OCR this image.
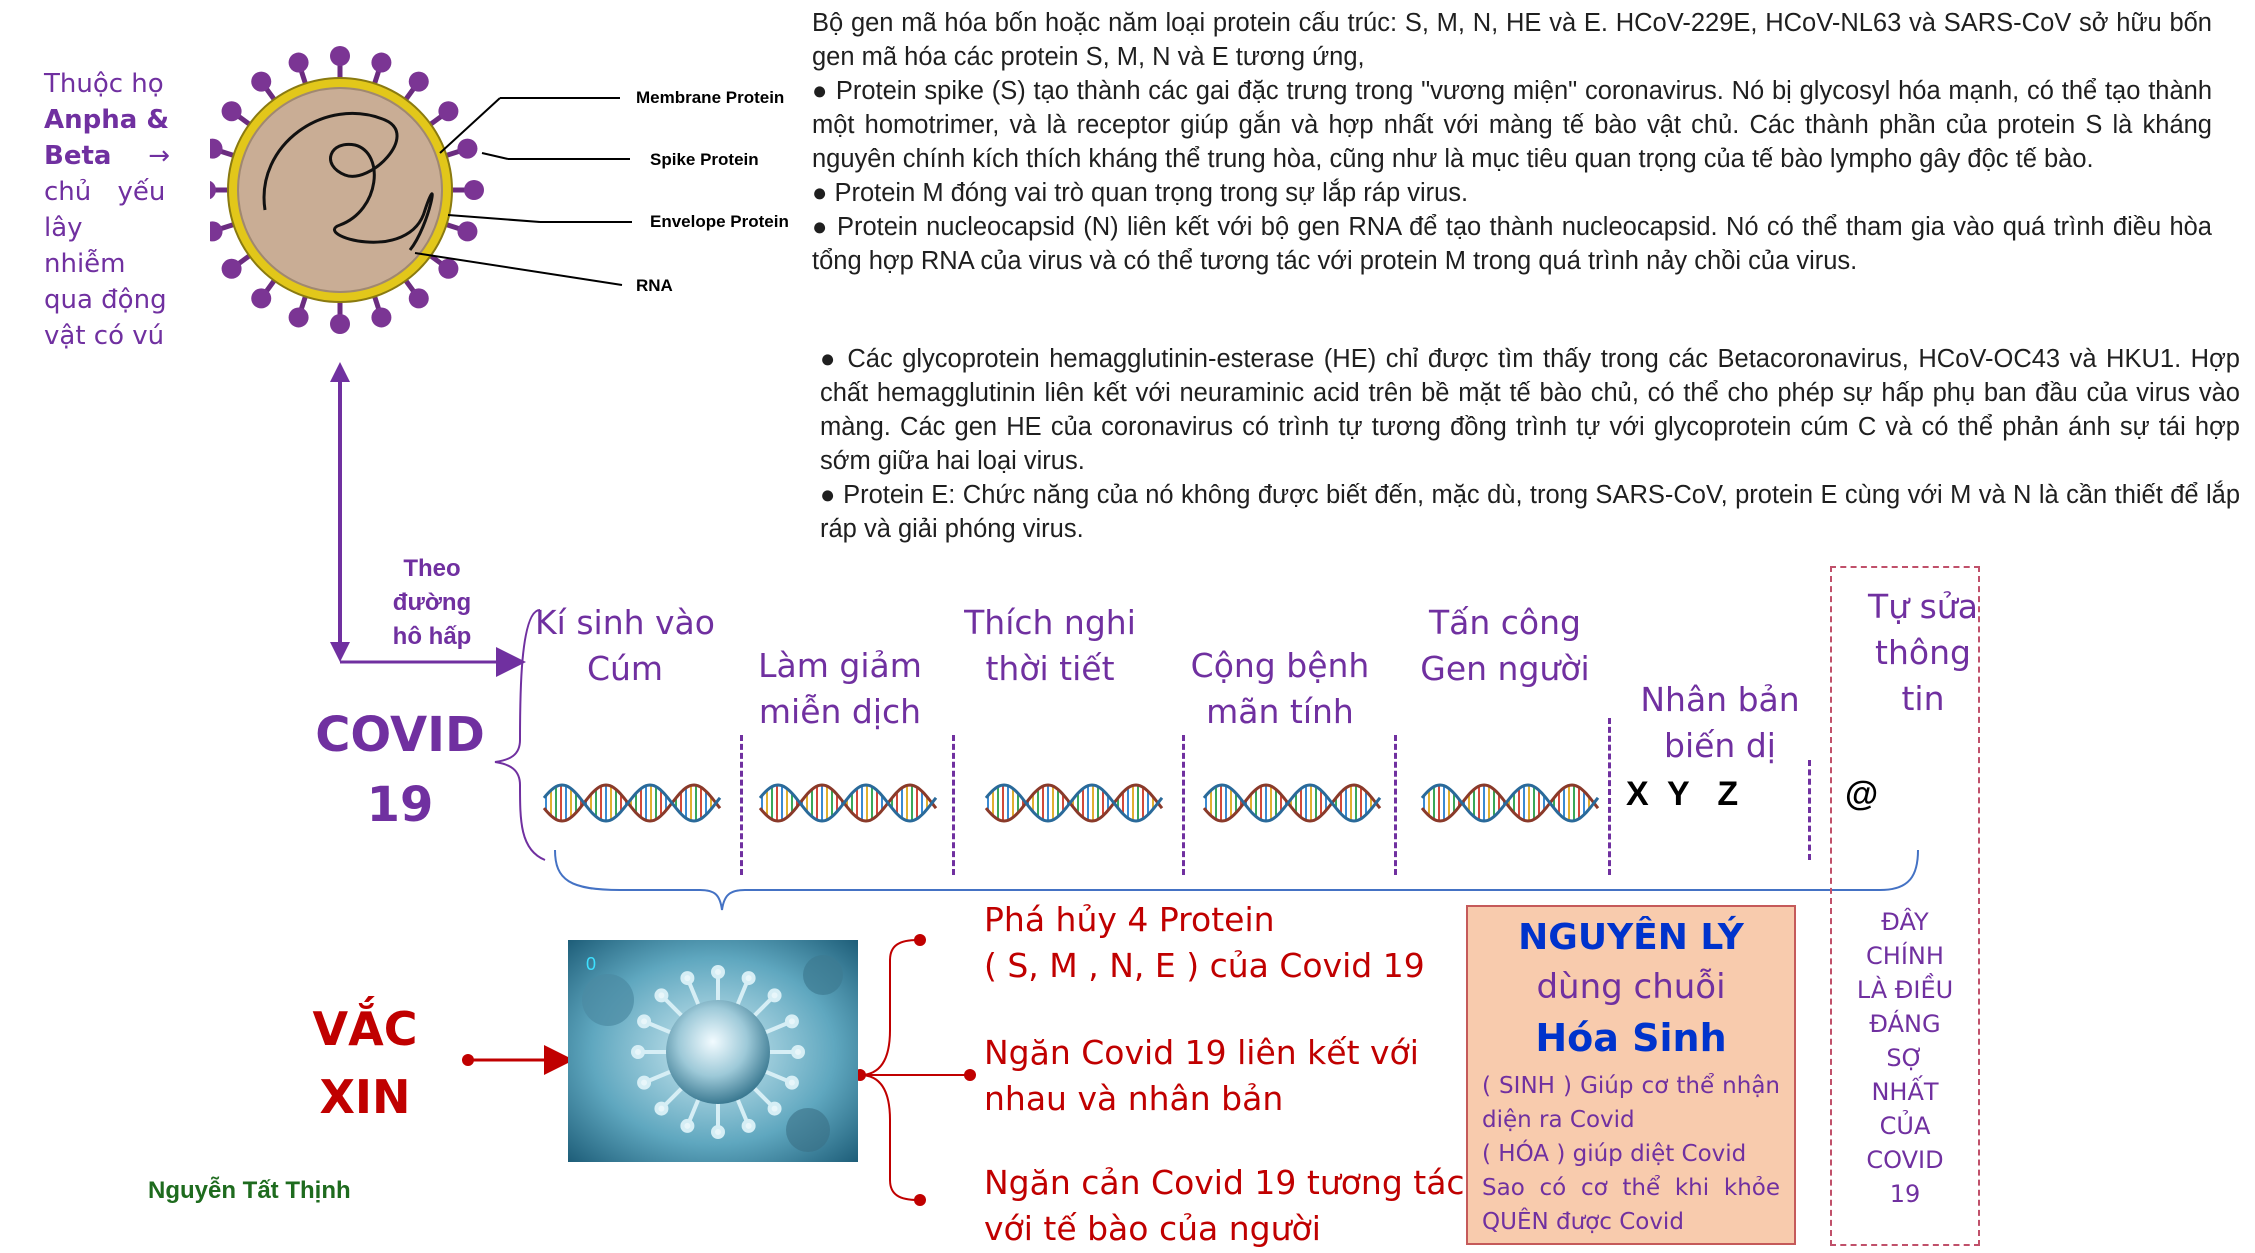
Thuộc họ
Anpha &
Beta →
chủ yếu
lây nhiễm
qua động
vật có vú
Membrane Protein
Spike Protein
Envelope Protein
RNA

Bộ gen mã hóa bốn hoặc năm loại protein cấu trúc: S, M, N, HE và E. HCoV-229E, HCoV-NL63 và SARS-CoV sở hữu bốn gen mã hóa các protein S, M, N và E tương ứng,

● Protein spike (S) tạo thành các gai đặc trưng trong "vương miện" coronavirus. Nó bị glycosyl hóa mạnh, có thể tạo thành một homotrimer, và là receptor giúp gắn và hợp nhất với màng tế bào vật chủ. Các thành phần của protein S là kháng nguyên chính kích thích kháng thể trung hòa, cũng như là mục tiêu quan trọng của tế bào lympho gây độc tế bào.

● Protein M đóng vai trò quan trọng trong sự lắp ráp virus.

● Protein nucleocapsid (N) liên kết với bộ gen RNA để tạo thành nucleocapsid. Nó có thể tham gia vào quá trình điều hòa tổng hợp RNA của virus và có thể tương tác với protein M trong quá trình nảy chồi của virus.

● Các glycoprotein hemagglutinin-esterase (HE) chỉ được tìm thấy trong các Betacoronavirus, HCoV-OC43 và HKU1. Hợp chất hemagglutinin liên kết với neuraminic acid trên bề mặt tế bào chủ, có thể cho phép sự hấp phụ ban đầu của virus vào màng. Các gen HE của coronavirus có trình tự tương đồng trình tự với glycoprotein cúm C và có thể phản ánh sự tái hợp sớm giữa hai loại virus.

● Protein E: Chức năng của nó không được biết đến, mặc dù, trong SARS-CoV, protein E cùng với M và N là cần thiết để lắp ráp và giải phóng virus.

Theo
đường
hô hấp
COVID
19
Kí sinh vào
Cúm	Làm giảm
miễn dịch
Thích nghi
thời tiết	Cộng bệnh
mãn tính
Tấn công
Gen người
Nhân bản
biến dị
Tự sửa
thông
tin
X  Y   Z	@
ĐÂY
CHÍNH
LÀ ĐIỀU
ĐÁNG
SỢ
NHẤT
CỦA
COVID
19
0
VẮC
XIN
Phá hủy 4 Protein
( S, M , N, E ) của Covid 19
Ngăn Covid 19 liên kết với
nhau và nhân bản
Ngăn cản Covid 19 tương tác
với tế bào của người
NGUYÊN LÝ
dùng chuỗi
Hóa Sinh
( SINH ) Giúp cơ thể nhận diện ra Covid
( HÓA ) giúp diệt Covid
Sao có cơ thể khi khỏe QUÊN được Covid
Nguyễn Tất Thịnh
